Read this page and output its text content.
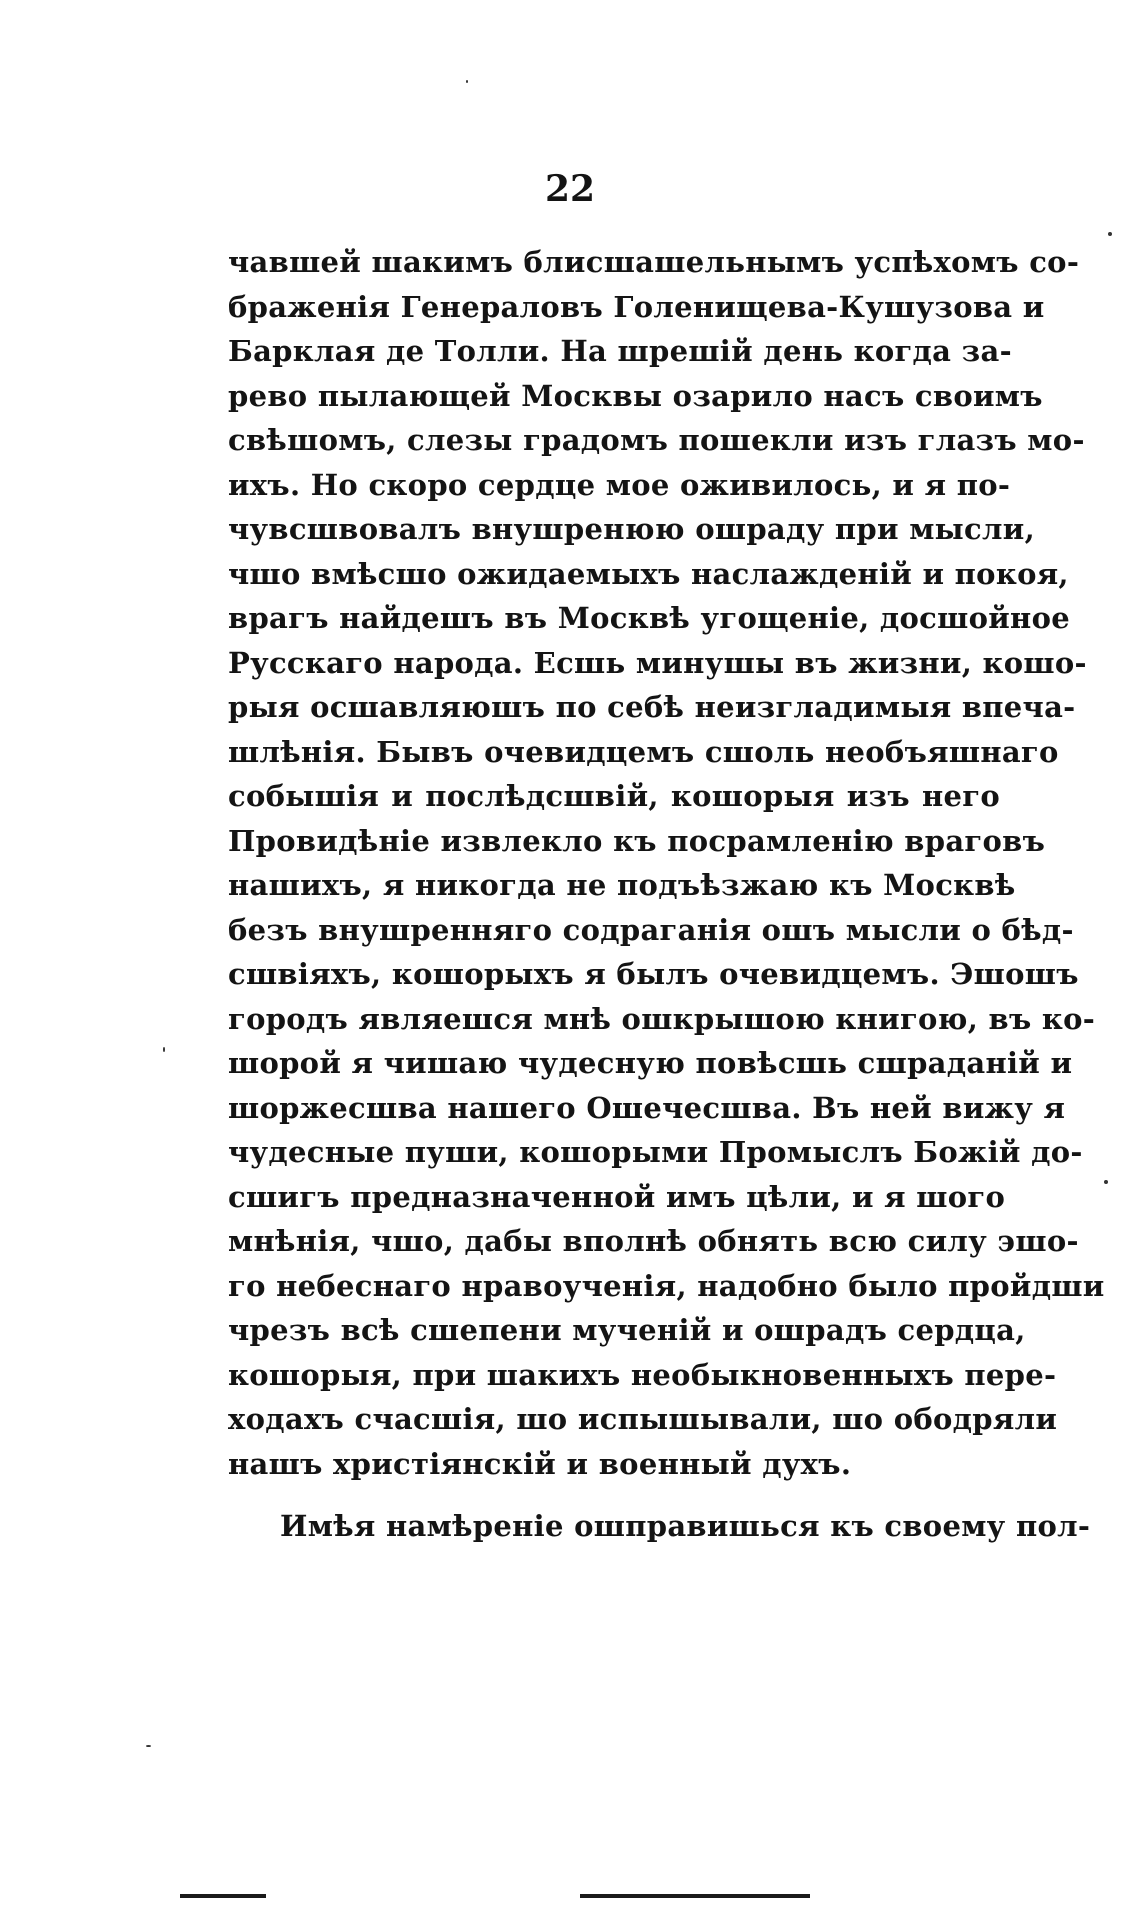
22
чавшей шакимъ блисшашельнымъ успѣхомъ со-
браженія Генераловъ Голенищева-Кушузова и
Барклая де Толли. На шрешій день когда за-
рево пылающей Москвы озарило насъ своимъ
свѣшомъ, слезы градомъ пошекли изъ глазъ мо-
ихъ. Но скоро сердце мое оживилось, и я по-
чувсшвовалъ внушренюю ошраду при мысли,
чшо вмѣсшо ожидаемыхъ наслажденій и покоя,
врагъ найдешъ въ Москвѣ угощеніе, досшойное
Русскаго народа. Есшь минушы въ жизни, кошо-
рыя осшавляюшъ по себѣ неизгладимыя впеча-
шлѣнія. Бывъ очевидцемъ сшоль необъяшнаго
собышія и послѣдсшвій, кошорыя изъ него
Провидѣніе извлекло къ посрамленію враговъ
нашихъ, я никогда не подъѣзжаю къ Москвѣ
безъ внушренняго содраганія ошъ мысли о бѣд-
сшвіяхъ, кошорыхъ я былъ очевидцемъ. Эшошъ
городъ являешся мнѣ ошкрышою книгою, въ ко-
шорой я чишаю чудесную повѣсшь сшраданій и
шоржесшва нашего Ошечесшва. Въ ней вижу я
чудесные пуши, кошорыми Промыслъ Божій до-
сшигъ предназначенной имъ цѣли, и я шого
мнѣнія, чшо, дабы вполнѣ обнять всю силу эшо-
го небеснаго нравоученія, надобно было пройдши
чрезъ всѣ сшепени мученій и ошрадъ сердца,
кошорыя, при шакихъ необыкновенныхъ пере-
ходахъ счасшія, шо испышывали, шо ободряли
нашъ христіянскій и военный духъ.
Имѣя намѣреніе ошправишься къ своему пол-
